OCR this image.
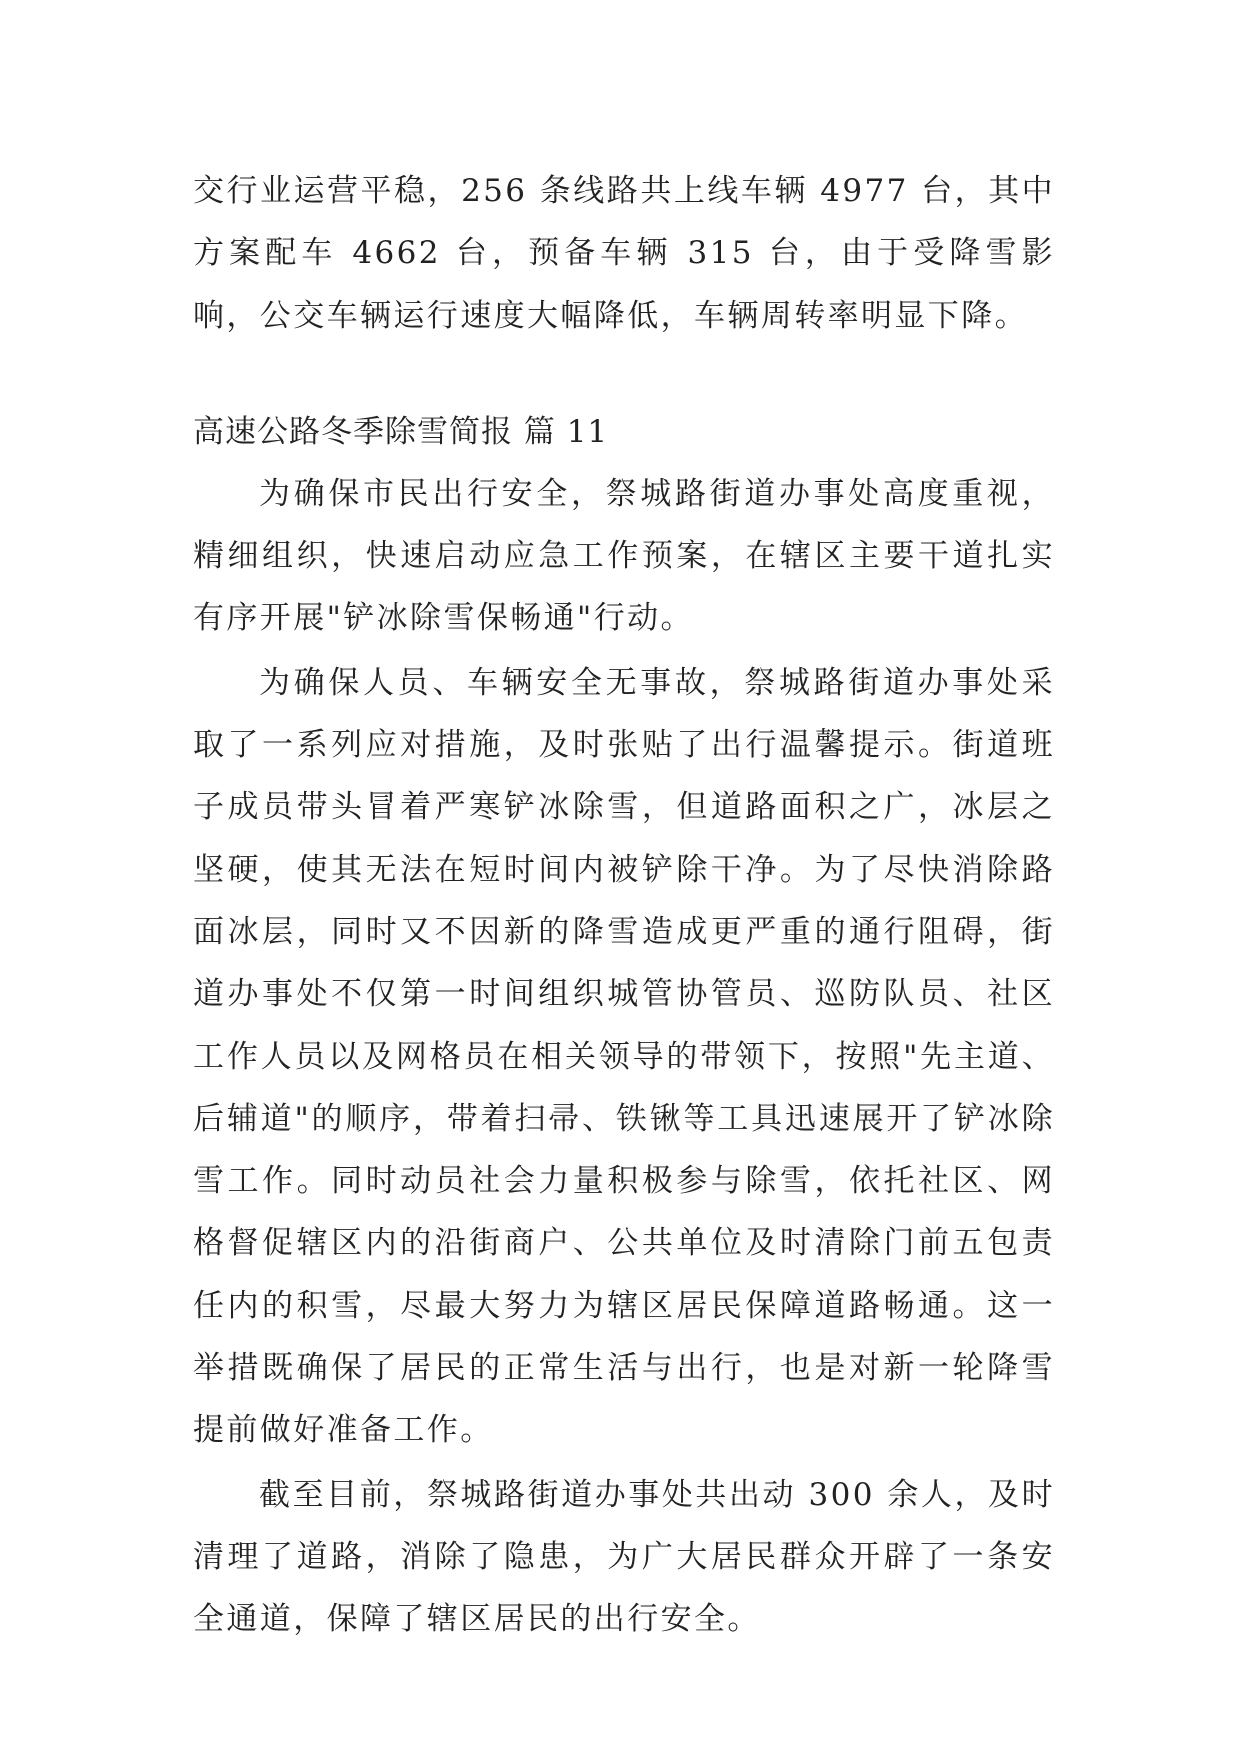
交行业运营平稳，256 条线路共上线车辆 4977 台，其中方案配车 4662 台，预备车辆 315 台，由于受降雪影响，公交车辆运行速度大幅降低，车辆周转率明显下降。

高速公路冬季除雪简报 篇 11

为确保市民出行安全，祭城路街道办事处高度重视，精细组织，快速启动应急工作预案，在辖区主要干道扎实有序开展"铲冰除雪保畅通"行动。

为确保人员、车辆安全无事故，祭城路街道办事处采取了一系列应对措施，及时张贴了出行温馨提示。街道班子成员带头冒着严寒铲冰除雪，但道路面积之广，冰层之坚硬，使其无法在短时间内被铲除干净。为了尽快消除路面冰层，同时又不因新的降雪造成更严重的通行阻碍，街道办事处不仅第一时间组织城管协管员、巡防队员、社区工作人员以及网格员在相关领导的带领下，按照"先主道、后辅道"的顺序，带着扫帚、铁锹等工具迅速展开了铲冰除雪工作。同时动员社会力量积极参与除雪，依托社区、网格督促辖区内的沿街商户、公共单位及时清除门前五包责任内的积雪，尽最大努力为辖区居民保障道路畅通。这一举措既确保了居民的正常生活与出行，也是对新一轮降雪提前做好准备工作。

截至目前，祭城路街道办事处共出动 300 余人，及时清理了道路，消除了隐患，为广大居民群众开辟了一条安全通道，保障了辖区居民的出行安全。
